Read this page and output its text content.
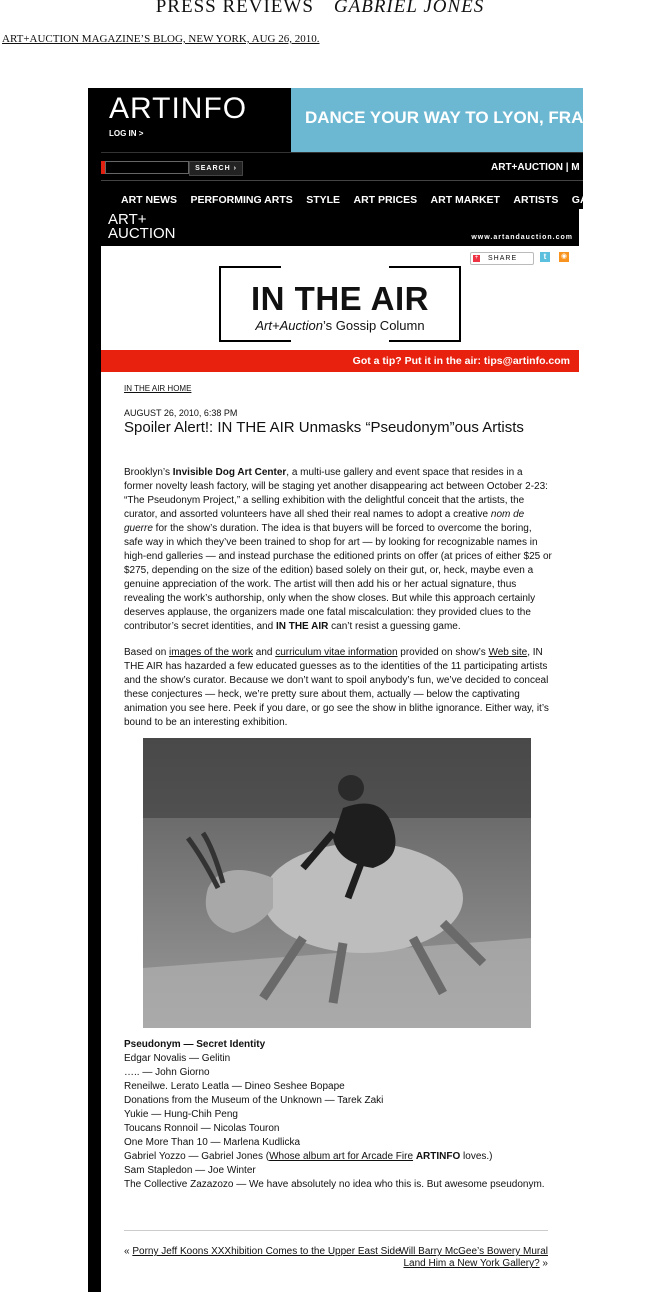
PRESS REVIEWS GABRIEL JONES
ART+AUCTION MAGAZINE’S BLOG, NEW YORK, AUG 26, 2010.
ARTINFO
LOG IN >
DANCE YOUR WAY TO LYON, FRA
SEARCH ›	ART+AUCTION | M
ART NEWS PERFORMING ARTS STYLE ART PRICES ART MARKET ARTISTS GALLE
ART+
AUCTION	www.artandauction.com
+ SHARE	t	◉
IN THE AIR
Art+Auction’s Gossip Column
Got a tip? Put it in the air: tips@artinfo.com
IN THE AIR HOME
AUGUST 26, 2010, 6:38 PM
Spoiler Alert!: IN THE AIR Unmasks “Pseudonym”ous Artists
Brooklyn’s Invisible Dog Art Center, a multi-use gallery and event space that resides in a former novelty leash factory, will be staging yet another disappearing act between October 2-23: “The Pseudonym Project,” a selling exhibition with the delightful conceit that the artists, the curator, and assorted volunteers have all shed their real names to adopt a creative nom de guerre for the show’s duration. The idea is that buyers will be forced to overcome the boring, safe way in which they’ve been trained to shop for art — by looking for recognizable names in high-end galleries — and instead purchase the editioned prints on offer (at prices of either $25 or $275, depending on the size of the edition) based solely on their gut, or, heck, maybe even a genuine appreciation of the work. The artist will then add his or her actual signature, thus revealing the work’s authorship, only when the show closes. But while this approach certainly deserves applause, the organizers made one fatal miscalculation: they provided clues to the contributor’s secret identities, and IN THE AIR can’t resist a guessing game.
Based on images of the work and curriculum vitae information provided on show’s Web site, IN THE AIR has hazarded a few educated guesses as to the identities of the 11 participating artists and the show’s curator. Because we don’t want to spoil anybody’s fun, we’ve decided to conceal these conjectures — heck, we’re pretty sure about them, actually — below the captivating animation you see here. Peek if you dare, or go see the show in blithe ignorance. Either way, it’s bound to be an interesting exhibition.
Pseudonym — Secret Identity
Edgar Novalis — Gelitin
….. — John Giorno
Reneilwe. Lerato Leatla — Dineo Seshee Bopape
Donations from the Museum of the Unknown — Tarek Zaki
Yukie — Hung-Chih Peng
Toucans Ronnoil — Nicolas Touron
One More Than 10 — Marlena Kudlicka
Gabriel Yozzo — Gabriel Jones (Whose album art for Arcade Fire ARTINFO loves.)
Sam Stapledon — Joe Winter
The Collective Zazazozo — We have absolutely no idea who this is. But awesome pseudonym.
« Porny Jeff Koons XXXhibition Comes to the Upper East Side
Will Barry McGee’s Bowery Mural Land Him a New York Gallery? »
